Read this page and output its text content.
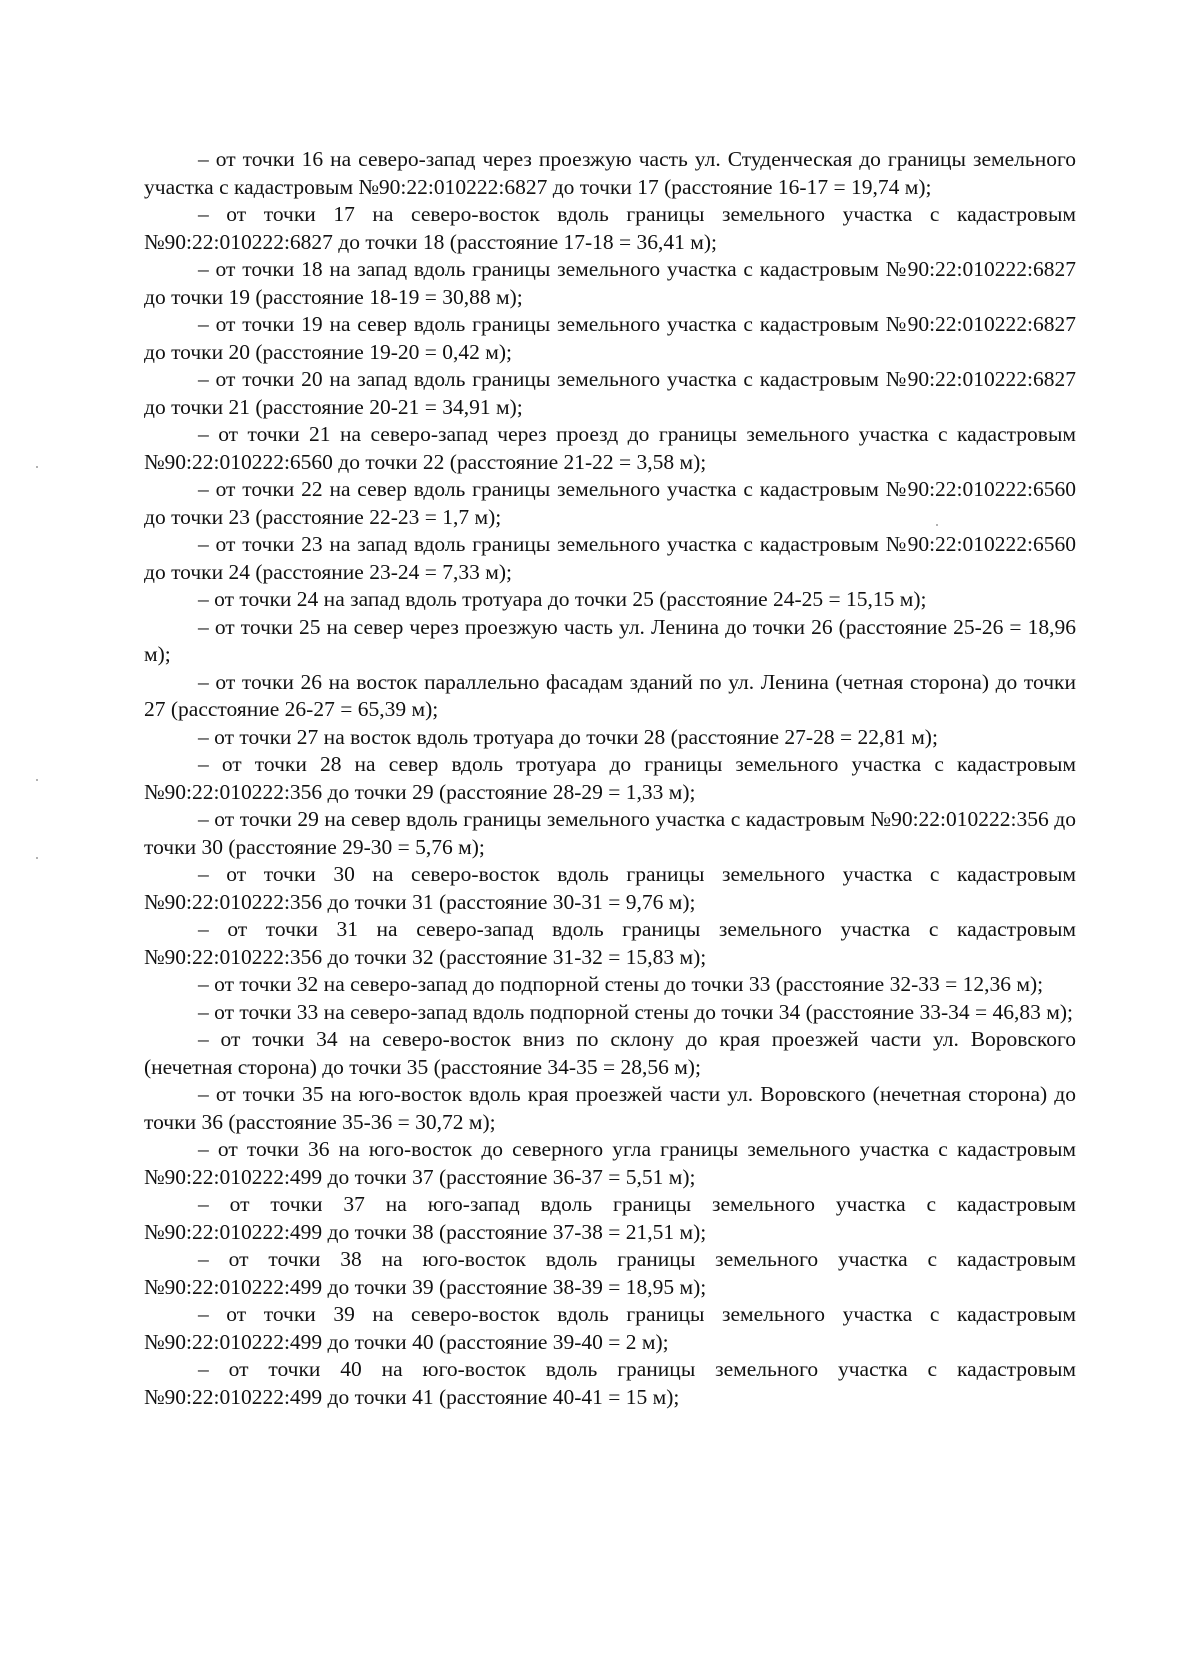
– от точки 16 на северо-запад через проезжую часть ул. Студенческая до границы земельного участка с кадастровым №90:22:010222:6827 до точки 17 (расстояние 16-17 = 19,74 м);

– от точки 17 на северо-восток вдоль границы земельного участка с кадастровым №90:22:010222:6827 до точки 18 (расстояние 17-18 = 36,41 м);

– от точки 18 на запад вдоль границы земельного участка с кадастровым №90:22:010222:6827 до точки 19 (расстояние 18-19 = 30,88 м);

– от точки 19 на север вдоль границы земельного участка с кадастровым №90:22:010222:6827 до точки 20 (расстояние 19-20 = 0,42 м);

– от точки 20 на запад вдоль границы земельного участка с кадастровым №90:22:010222:6827 до точки 21 (расстояние 20-21 = 34,91 м);

– от точки 21 на северо-запад через проезд до границы земельного участка с кадастровым №90:22:010222:6560 до точки 22 (расстояние 21-22 = 3,58 м);

– от точки 22 на север вдоль границы земельного участка с кадастровым №90:22:010222:6560 до точки 23 (расстояние 22-23 = 1,7 м);

– от точки 23 на запад вдоль границы земельного участка с кадастровым №90:22:010222:6560 до точки 24 (расстояние 23-24 = 7,33 м);

– от точки 24 на запад вдоль тротуара до точки 25 (расстояние 24-25 = 15,15 м);

– от точки 25 на север через проезжую часть ул. Ленина до точки 26 (расстояние 25-26 = 18,96 м);

– от точки 26 на восток параллельно фасадам зданий по ул. Ленина (четная сторона) до точки 27 (расстояние 26-27 = 65,39 м);

– от точки 27 на восток вдоль тротуара до точки 28 (расстояние 27-28 = 22,81 м);

– от точки 28 на север вдоль тротуара до границы земельного участка с кадастровым №90:22:010222:356 до точки 29 (расстояние 28-29 = 1,33 м);

– от точки 29 на север вдоль границы земельного участка с кадастровым №90:22:010222:356 до точки 30 (расстояние 29-30 = 5,76 м);

– от точки 30 на северо-восток вдоль границы земельного участка с кадастровым №90:22:010222:356 до точки 31 (расстояние 30-31 = 9,76 м);

– от точки 31 на северо-запад вдоль границы земельного участка с кадастровым №90:22:010222:356 до точки 32 (расстояние 31-32 = 15,83 м);

– от точки 32 на северо-запад до подпорной стены до точки 33 (расстояние 32-33 = 12,36 м);

– от точки 33 на северо-запад вдоль подпорной стены до точки 34 (расстояние 33-34 = 46,83 м);

– от точки 34 на северо-восток вниз по склону до края проезжей части ул. Воровского (нечетная сторона) до точки 35 (расстояние 34-35 = 28,56 м);

– от точки 35 на юго-восток вдоль края проезжей части ул. Воровского (нечетная сторона) до точки 36 (расстояние 35-36 = 30,72 м);

– от точки 36 на юго-восток до северного угла границы земельного участка с кадастровым №90:22:010222:499 до точки 37 (расстояние 36-37 = 5,51 м);

– от точки 37 на юго-запад вдоль границы земельного участка с кадастровым №90:22:010222:499 до точки 38 (расстояние 37-38 = 21,51 м);

– от точки 38 на юго-восток вдоль границы земельного участка с кадастровым №90:22:010222:499 до точки 39 (расстояние 38-39 = 18,95 м);

– от точки 39 на северо-восток вдоль границы земельного участка с кадастровым №90:22:010222:499 до точки 40 (расстояние 39-40 = 2 м);

– от точки 40 на юго-восток вдоль границы земельного участка с кадастровым №90:22:010222:499 до точки 41 (расстояние 40-41 = 15 м);
